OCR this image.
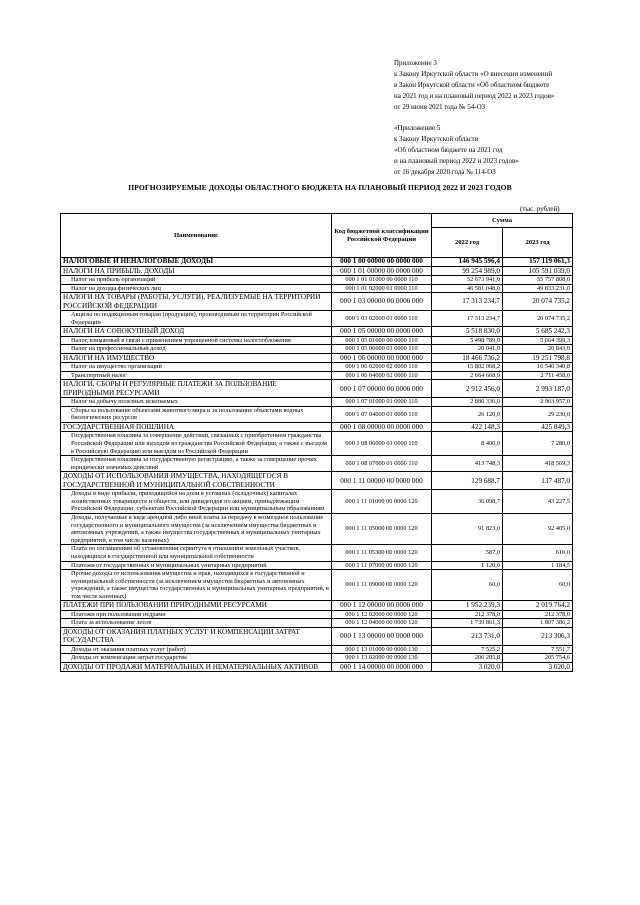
Приложение 3
к Закону Иркутской области «О внесении изменений
в Закон Иркутской области «Об областном бюджете
на 2021 год и на плановый период 2022 и 2023 годов»
от 29 июня 2021 года № 54-ОЗ
«Приложение 5
к Закону Иркутской области
«Об областном бюджете на 2021 год
и на плановый период 2022 и 2023 годов»
от 16 декабря 2020 года № 114-ОЗ
ПРОГНОЗИРУЕМЫЕ ДОХОДЫ ОБЛАСТНОГО БЮДЖЕТА НА ПЛАНОВЫЙ ПЕРИОД 2022 И 2023 ГОДОВ
(тыс. рублей)
Наименование	Код бюджетной классификации Российской Федерации	Сумма	
		2022 год	2023 год
НАЛОГОВЫЕ И НЕНАЛОГОВЫЕ ДОХОДЫ	000 1 00 00000 00 0000 000	146 945 596,4	157 119 061,3
НАЛОГИ НА ПРИБЫЛЬ, ДОХОДЫ	000 1 01 00000 00 0000 000	99 254 989,0	105 591 039,0
Налог на прибыль организаций	000 1 01 01000 00 0000 110	52 673 941,0	55 757 808,0
Налог на доходы физических лиц	000 1 01 02000 01 0000 110	46 581 048,0	49 833 231,0
НАЛОГИ НА ТОВАРЫ (РАБОТЫ, УСЛУГИ), РЕАЛИЗУЕМЫЕ НА ТЕРРИТОРИИ РОССИЙСКОЙ ФЕДЕРАЦИИ	000 1 03 00000 00 0000 000	17 313 234,7	20 074 735,2
Акцизы по подакцизным товарам (продукции), производимым на территории Российской Федерации	000 1 03 02000 01 0000 110	17 313 234,7	20 074 735,2
НАЛОГИ НА СОВОКУПНЫЙ ДОХОД	000 1 05 00000 00 0000 000	5 518 830,0	5 685 242,3
Налог, взимаемый в связи с применением упрощенной системы налогообложения	000 1 05 01000 00 0000 110	5 498 789,0	5 664 399,3
Налог на профессиональный доход	000 1 05 06000 01 0000 110	20 041,0	20 843,0
НАЛОГИ НА ИМУЩЕСТВО	000 1 06 00000 00 0000 000	18 466 736,2	19 251 798,8
Налог на имущество организаций	000 1 06 02000 02 0000 110	15 802 068,2	16 540 340,8
Транспортный налог	000 1 06 04000 02 0000 110	2 664 668,0	2 711 458,0
НАЛОГИ, СБОРЫ И РЕГУЛЯРНЫЕ ПЛАТЕЖИ ЗА ПОЛЬЗОВАНИЕ ПРИРОДНЫМИ РЕСУРСАМИ	000 1 07 00000 00 0000 000	2 912 456,0	2 993 187,0
Налог на добычу полезных ископаемых	000 1 07 01000 01 0000 110	2 886 336,0	2 963 957,0
Сборы за пользование объектами животного мира и за пользование объектами водных биологических ресурсов	000 1 07 04000 01 0000 110	26 120,0	29 230,0
ГОСУДАРСТВЕННАЯ ПОШЛИНА	000 1 08 00000 00 0000 000	422 148,3	425 849,3
Государственная пошлина за совершение действий, связанных с приобретением гражданства Российской Федерации или выходом из гражданства Российской Федерации, а также с въездом в Российскую Федерацию или выездом из Российской Федерации	000 1 08 06000 01 0000 110	8 400,0	7 280,0
Государственная пошлина за государственную регистрацию, а также за совершение прочих юридически значимых действий	000 1 08 07000 01 0000 110	413 748,3	418 569,3
ДОХОДЫ ОТ ИСПОЛЬЗОВАНИЯ ИМУЩЕСТВА, НАХОДЯЩЕГОСЯ В ГОСУДАРСТВЕННОЙ И МУНИЦИПАЛЬНОЙ СОБСТВЕННОСТИ	000 1 11 00000 00 0000 000	129 688,7	137 487,0
Доходы в виде прибыли, приходящейся на доли в уставных (складочных) капиталах хозяйственных товариществ и обществ, или дивидендов по акциям, принадлежащим Российской Федерации, субъектам Российской Федерации или муниципальным образованиям	000 1 11 01000 00 0000 120	36 098,7	43 227,5
Доходы, получаемые в виде арендной либо иной платы за передачу в возмездное пользование государственного и муниципального имущества (за исключением имущества бюджетных и автономных учреждений, а также имущества государственных и муниципальных унитарных предприятий, в том числе казенных)	000 1 11 05000 00 0000 120	91 823,0	92 405,0
Плата по соглашениям об установлении сервитута в отношении земельных участков, находящихся в государственной или муниципальной собственности	000 1 11 05300 00 0000 120	587,0	610,0
Платежи от государственных и муниципальных унитарных предприятий	000 1 11 07000 00 0000 120	1 120,0	1 184,5
Прочие доходы от использования имущества и прав, находящихся в государственной и муниципальной собственности (за исключением имущества бюджетных и автономных учреждений, а также имущества государственных и муниципальных унитарных предприятий, в том числе казенных)	000 1 11 09000 00 0000 120	60,0	60,0
ПЛАТЕЖИ ПРИ ПОЛЬЗОВАНИИ ПРИРОДНЫМИ РЕСУРСАМИ	000 1 12 00000 00 0000 000	1 952 239,3	2 019 764,2
Платежи при пользовании недрами	000 1 12 02000 00 0000 120	212 378,0	212 378,0
Плата за использование лесов	000 1 12 04000 00 0000 120	1 739 861,3	1 807 386,2
ДОХОДЫ ОТ ОКАЗАНИЯ ПЛАТНЫХ УСЛУГ И КОМПЕНСАЦИИ ЗАТРАТ ГОСУДАРСТВА	000 1 13 00000 00 0000 000	213 731,0	213 306,3
Доходы от оказания платных услуг (работ)	000 1 13 01000 00 0000 130	7 525,2	7 551,7
Доходы от компенсации затрат государства	000 1 13 02000 00 0000 130	206 205,8	205 754,6
ДОХОДЫ ОТ ПРОДАЖИ МАТЕРИАЛЬНЫХ И НЕМАТЕРИАЛЬНЫХ АКТИВОВ	000 1 14 00000 00 0000 000	3 020,0	3 020,0
